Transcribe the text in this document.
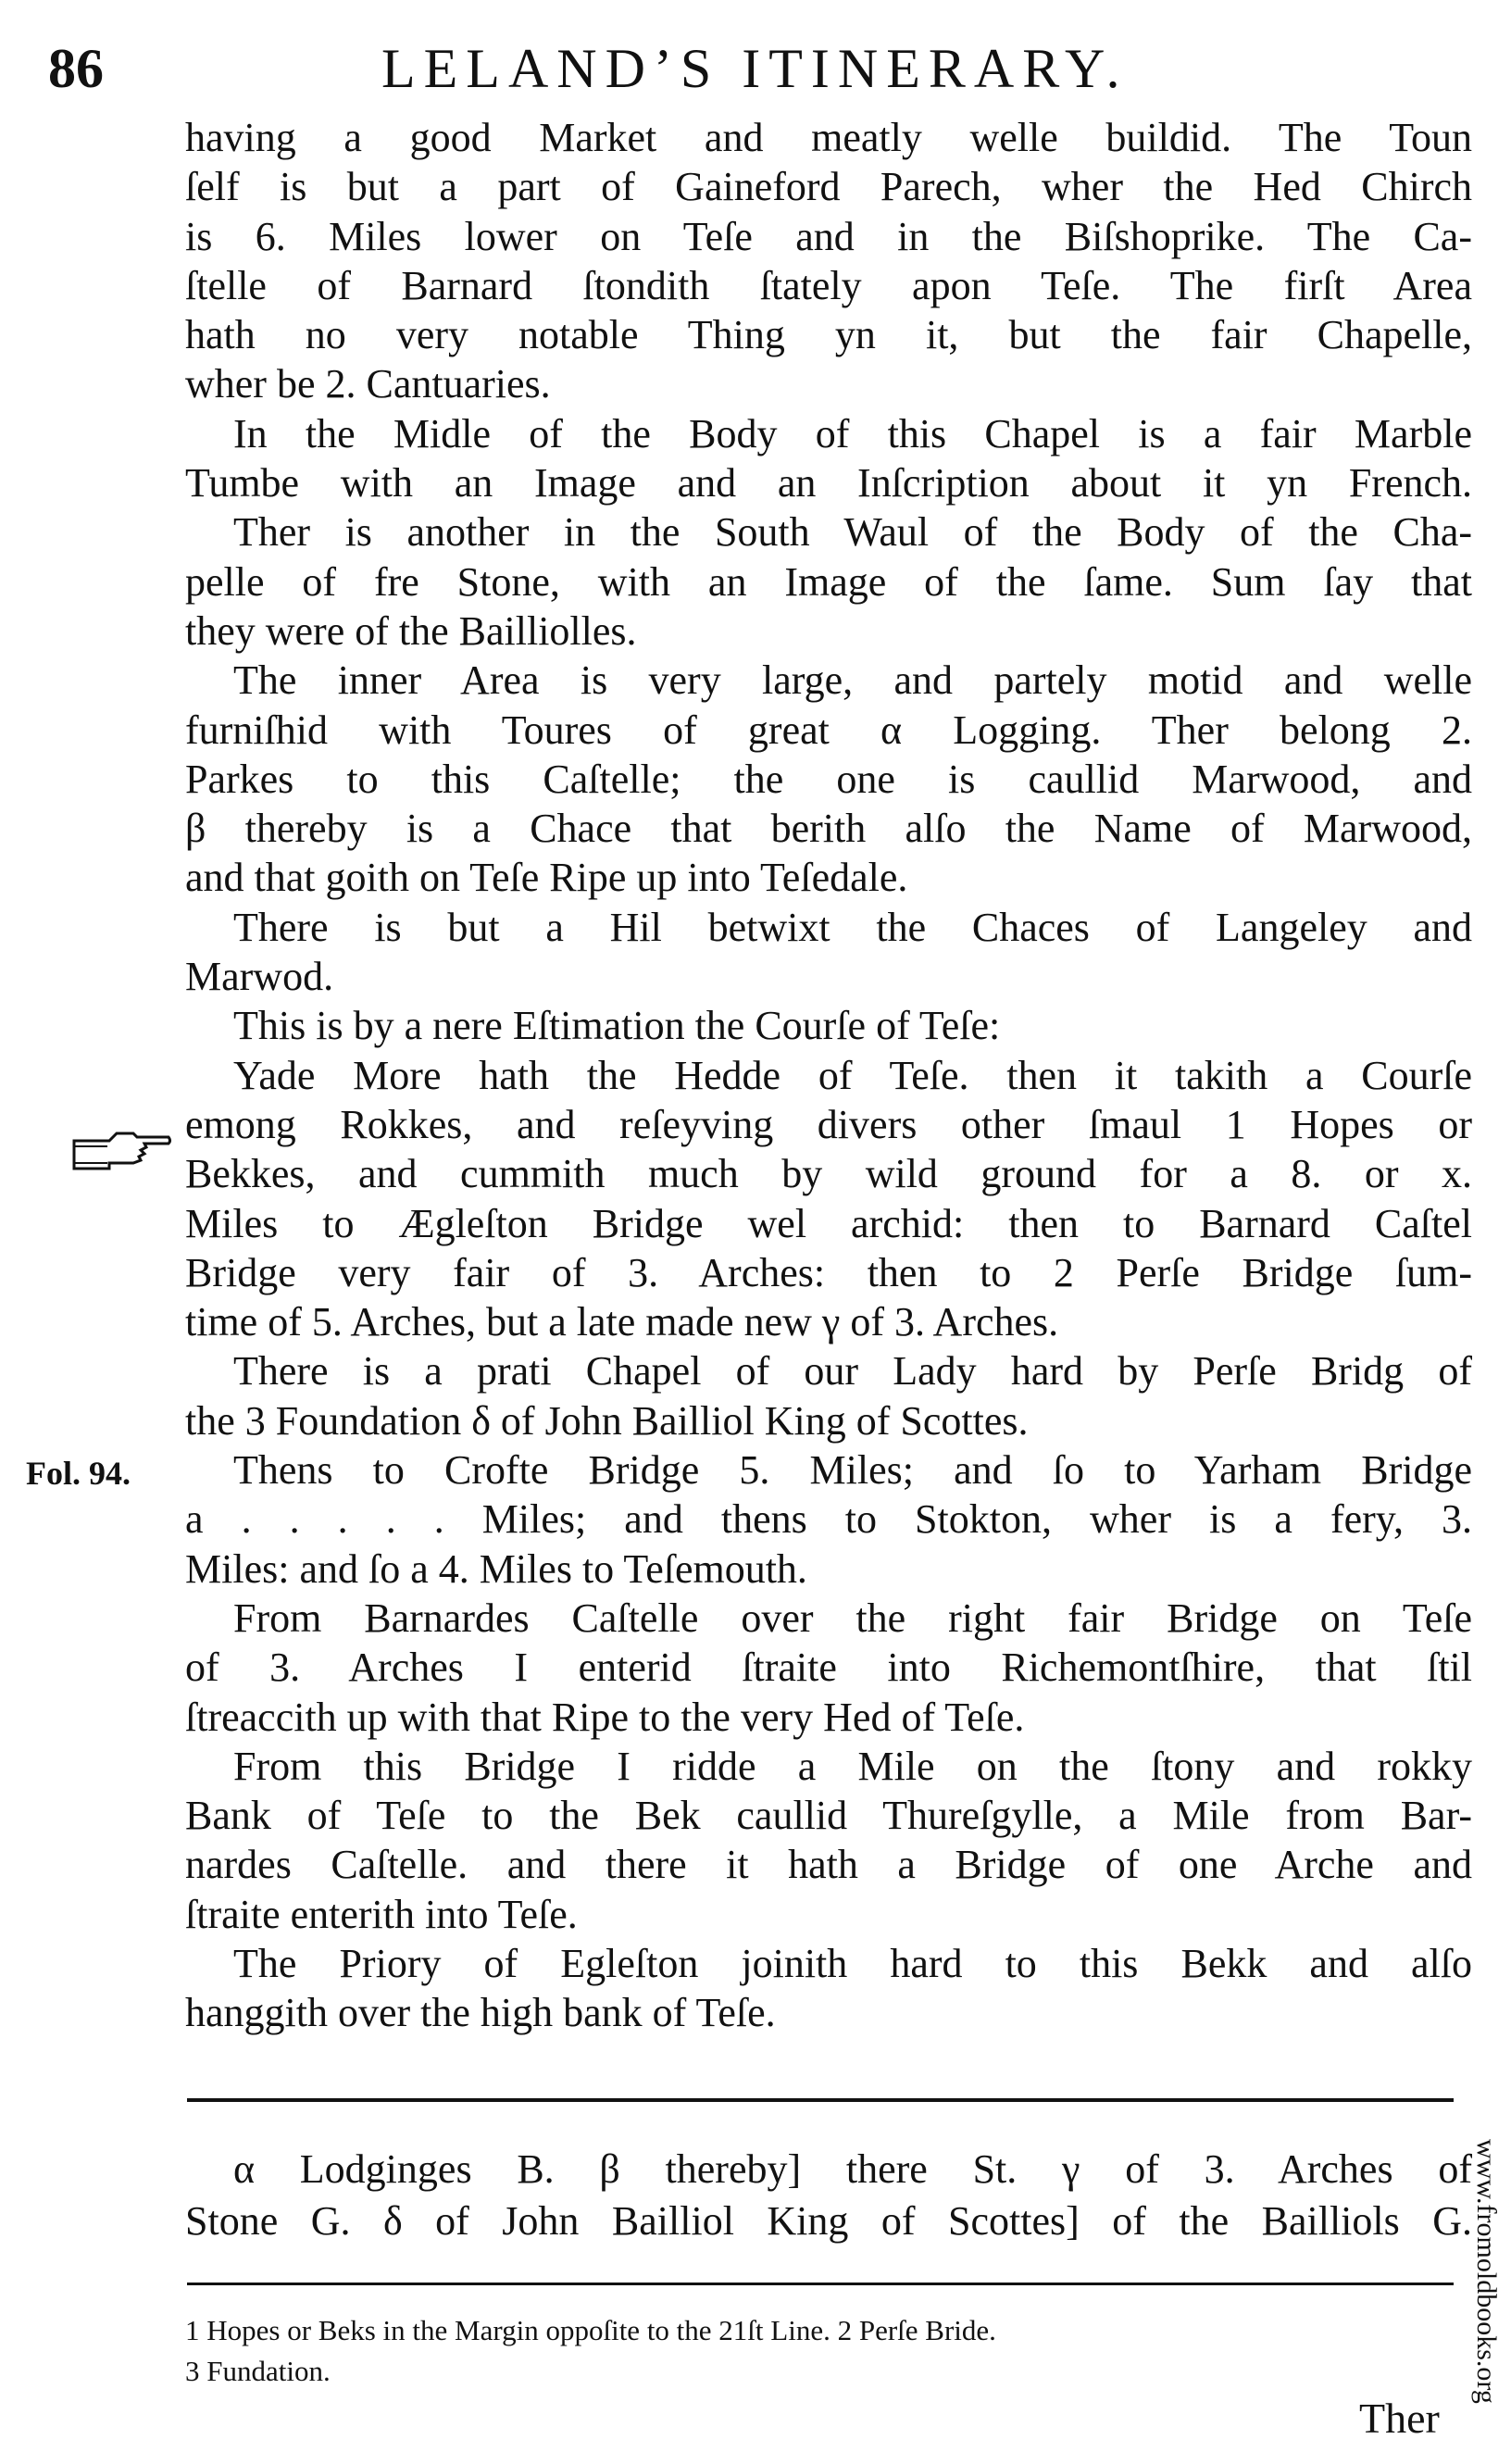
86	LELAND’S ITINERARY.
having a good Market and meatly welle buildid. The Toun
ſelf is but a part of Gaineford Parech, wher the Hed Chirch
is 6. Miles lower on Teſe and in the Biſshoprike. The Ca-
ſtelle of Barnard ſtondith ſtately apon Teſe. The firſt Area
hath no very notable Thing yn it, but the fair Chapelle,
wher be 2. Cantuaries.
In the Midle of the Body of this Chapel is a fair Marble
Tumbe with an Image and an Inſcription about it yn French.
Ther is another in the South Waul of the Body of the Cha-
pelle of fre Stone, with an Image of the ſame. Sum ſay that
they were of the Bailliolles.
The inner Area is very large, and partely motid and welle
furniſhid with Toures of great α Logging. Ther belong 2.
Parkes to this Caſtelle; the one is caullid Marwood, and
β thereby is a Chace that berith alſo the Name of Marwood,
and that goith on Teſe Ripe up into Teſedale.
There is but a Hil betwixt the Chaces of Langeley and
Marwod.
This is by a nere Eſtimation the Courſe of Teſe:
Yade More hath the Hedde of Teſe. then it takith a Courſe
emong Rokkes, and reſeyving divers other ſmaul 1 Hopes or
Bekkes, and cummith much by wild ground for a 8. or x.
Miles to Ægleſton Bridge wel archid: then to Barnard Caſtel
Bridge very fair of 3. Arches: then to 2 Perſe Bridge ſum-
time of 5. Arches, but a late made new γ of 3. Arches.
There is a prati Chapel of our Lady hard by Perſe Bridg of
the 3 Foundation δ of John Bailliol King of Scottes.
Thens to Crofte Bridge 5. Miles; and ſo to Yarham Bridge
a . . . . . Miles; and thens to Stokton, wher is a fery, 3.
Miles: and ſo a 4. Miles to Teſemouth.
From Barnardes Caſtelle over the right fair Bridge on Teſe
of 3. Arches I enterid ſtraite into Richemontſhire, that ſtil
ſtreaccith up with that Ripe to the very Hed of Teſe.
From this Bridge I ridde a Mile on the ſtony and rokky
Bank of Teſe to the Bek caullid Thureſgylle, a Mile from Bar-
nardes Caſtelle. and there it hath a Bridge of one Arche and
ſtraite enterith into Teſe.
The Priory of Egleſton joinith hard to this Bekk and alſo
hanggith over the high bank of Teſe.
Fol. 94.
α Lodginges B. β thereby] there St. γ of 3. Arches of
Stone G. δ of John Bailliol King of Scottes] of the Bailliols G.
1 Hopes or Beks in the Margin oppoſite to the 21ſt Line. 2 Perſe Bride.
3 Fundation.
Ther
www.fromoldbooks.org
